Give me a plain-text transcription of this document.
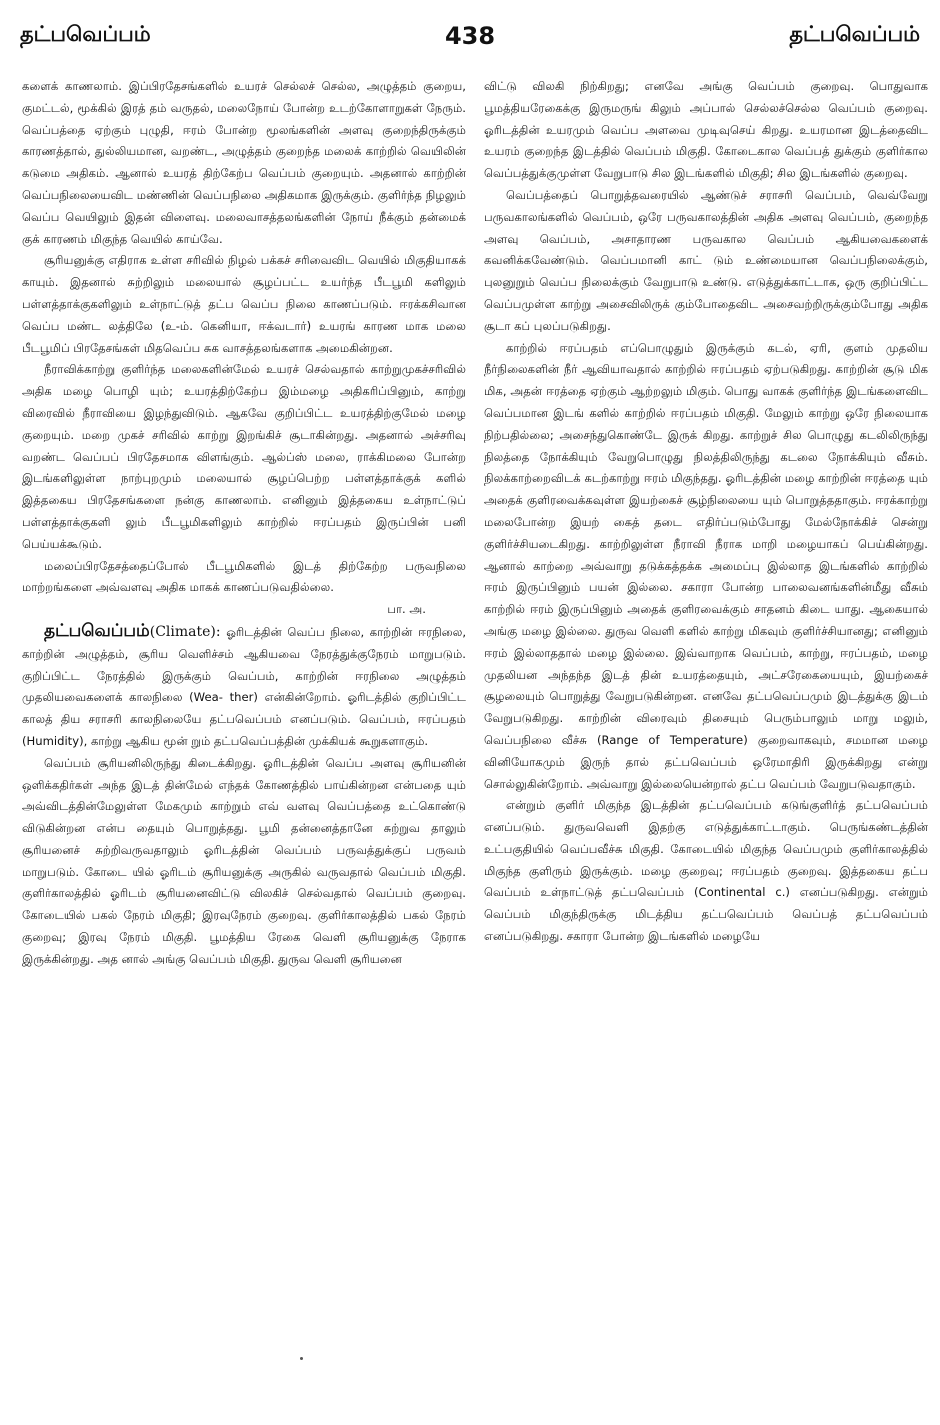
தட்பவெப்பம்	438	தட்பவெப்பம்

களைக் காணலாம். இப்பிரதேசங்களில் உயரச் செல்லச் செல்ல, அழுத்தம் குறைய, குமட்டல், மூக்கில் இரத் தம் வருதல், மலைநோய் போன்ற உடற்கோளாறுகள் நேரும். வெப்பத்தை ஏற்கும் புழுதி, ஈரம் போன்ற மூலங்களின் அளவு குறைந்திருக்கும் காரணத்தால், துல்லியமான, வறண்ட, அழுத்தம் குறைந்த மலைக் காற்றில் வெயிலின் கடுமை அதிகம். ஆனால் உயரத் திற்கேற்ப வெப்பம் குறையும். அதனால் காற்றின் வெப்பநிலையைவிட மண்ணின் வெப்பநிலை அதிகமாக இருக்கும். குளிர்ந்த நிழலும் வெப்ப வெயிலும் இதன் விளைவு. மலைவாசத்தலங்களின் நோய் நீக்கும் தன்மைக் குக் காரணம் மிகுந்த வெயில் காய்வே.

சூரியனுக்கு எதிராக உள்ள சரிவில் நிழல் பக்கச் சரிவைவிட வெயில் மிகுதியாகக் காயும். இதனால் சுற்றிலும் மலையால் சூழப்பட்ட உயர்ந்த பீடபூமி களிலும் பள்ளத்தாக்குகளிலும் உள்நாட்டுத் தட்ப வெப்ப நிலை காணப்படும். ஈரக்கசிவான வெப்ப மண்ட லத்திலே (உ-ம். கெனியா, ஈக்வடார்) உயரங் காரண மாக மலை பீடபூமிப் பிரதேசங்கள் மிதவெப்ப சுக வாசத்தலங்களாக அமைகின்றன.

நீராவிக்காற்று குளிர்ந்த மலைகளின்மேல் உயரச் செல்வதால் காற்றுமுகச்சரிவில் அதிக மழை பொழி யும்; உயரத்திற்கேற்ப இம்மழை அதிகரிப்பினும், காற்று விரைவில் நீராவியை இழந்துவிடும். ஆகவே குறிப்பிட்ட உயரத்திற்குமேல் மழை குறையும். மறை முகச் சரிவில் காற்று இறங்கிச் சூடாகின்றது. அதனால் அச்சரிவு வறண்ட வெப்பப் பிரதேசமாக விளங்கும். ஆல்ப்ஸ் மலை, ராக்கிமலை போன்ற இடங்களிலுள்ள நாற்புறமும் மலையால் சூழப்பெற்ற பள்ளத்தாக்குக் களில் இத்தகைய பிரதேசங்களை நன்கு காணலாம். எனினும் இத்தகைய உள்நாட்டுப் பள்ளத்தாக்குகளி லும் பீடபூமிகளிலும் காற்றில் ஈரப்பதம் இருப்பின் பனி பெய்யக்கூடும்.

மலைப்பிரதேசத்தைப்போல் பீடபூமிகளில் இடத் திற்கேற்ற பருவநிலை மாற்றங்களை அவ்வளவு அதிக மாகக் காணப்படுவதில்லை.
பா. அ.

தட்பவெப்பம்(Climate): ஓரிடத்தின் வெப்ப நிலை, காற்றின் ஈரநிலை, காற்றின் அழுத்தம், சூரிய வெளிச்சம் ஆகியவை நேரத்துக்குநேரம் மாறுபடும். குறிப்பிட்ட நேரத்தில் இருக்கும் வெப்பம், காற்றின் ஈரநிலை அழுத்தம் முதலியவைகளைக் காலநிலை (Wea- ther) என்கின்றோம். ஓரிடத்தில் குறிப்பிட்ட காலத் திய சராசரி காலநிலையே தட்பவெப்பம் எனப்படும். வெப்பம், ஈரப்பதம் (Humidity), காற்று ஆகிய மூன் றும் தட்பவெப்பத்தின் முக்கியக் கூறுகளாகும்.

வெப்பம் சூரியனிலிருந்து கிடைக்கிறது. ஓரிடத்தின் வெப்ப அளவு சூரியனின் ஒளிக்கதிர்கள் அந்த இடத் தின்மேல் எந்தக் கோணத்தில் பாய்கின்றன என்பதை யும் அவ்விடத்தின்மேலுள்ள மேகமும் காற்றும் எவ் வளவு வெப்பத்தை உட்கொண்டு விடுகின்றன என்ப தையும் பொறுத்தது. பூமி தன்னைத்தானே சுற்றுவ தாலும் சூரியனைச் சுற்றிவருவதாலும் ஓரிடத்தின் வெப்பம் பருவத்துக்குப் பருவம் மாறுபடும். கோடை யில் ஓரிடம் சூரியனுக்கு அருகில் வருவதால் வெப்பம் மிகுதி. குளிர்காலத்தில் ஓரிடம் சூரியனைவிட்டு விலகிச் செல்வதால் வெப்பம் குறைவு. கோடையில் பகல் நேரம் மிகுதி; இரவுநேரம் குறைவு. குளிர்காலத்தில் பகல் நேரம் குறைவு; இரவு நேரம் மிகுதி. பூமத்திய ரேகை வெளி சூரியனுக்கு நேராக இருக்கின்றது. அத னால் அங்கு வெப்பம் மிகுதி. துருவ வெளி சூரியனை

விட்டு விலகி நிற்கிறது; எனவே அங்கு வெப்பம் குறைவு. பொதுவாக பூமத்தியரேகைக்கு இருமருங் கிலும் அப்பால் செல்லச்செல்ல வெப்பம் குறைவு. ஓரிடத்தின் உயரமும் வெப்ப அளவை முடிவுசெய் கிறது. உயரமான இடத்தைவிட உயரம் குறைந்த இடத்தில் வெப்பம் மிகுதி. கோடைகால வெப்பத் துக்கும் குளிர்கால வெப்பத்துக்குமுள்ள வேறுபாடு சில இடங்களில் மிகுதி; சில இடங்களில் குறைவு.

வெப்பத்தைப் பொறுத்தவரையில் ஆண்டுச் சராசரி வெப்பம், வெவ்வேறு பருவகாலங்களில் வெப்பம், ஒரே பருவகாலத்தின் அதிக அளவு வெப்பம், குறைந்த அளவு வெப்பம், அசாதாரண பருவகால வெப்பம் ஆகியவைகளைக் கவனிக்கவேண்டும். வெப்பமானி காட் டும் உண்மையான வெப்பநிலைக்கும், புலனுறும் வெப்ப நிலைக்கும் வேறுபாடு உண்டு. எடுத்துக்காட்டாக, ஒரு குறிப்பிட்ட வெப்பமுள்ள காற்று அசைவிலிருக் கும்போதைவிட அசைவற்றிருக்கும்போது அதிக சூடா கப் புலப்படுகிறது.

காற்றில் ஈரப்பதம் எப்பொழுதும் இருக்கும் கடல், ஏரி, குளம் முதலிய நீர்நிலைகளின் நீர் ஆவியாவதால் காற்றில் ஈரப்பதம் ஏற்படுகிறது. காற்றின் சூடு மிக மிக, அதன் ஈரத்தை ஏற்கும் ஆற்றலும் மிகும். பொது வாகக் குளிர்ந்த இடங்களைவிட வெப்பமான இடங் களில் காற்றில் ஈரப்பதம் மிகுதி. மேலும் காற்று ஒரே நிலையாக நிற்பதில்லை; அசைந்துகொண்டே இருக் கிறது. காற்றுச் சில பொழுது கடலிலிருந்து நிலத்தை நோக்கியும் வேறுபொழுது நிலத்திலிருந்து கடலை நோக்கியும் வீசும். நிலக்காற்றைவிடக் கடற்காற்று ஈரம் மிகுந்தது. ஓரிடத்தின் மழை காற்றின் ஈரத்தை யும் அதைக் குளிரவைக்கவுள்ள இயற்கைச் சூழ்நிலையை யும் பொறுத்ததாகும். ஈரக்காற்று மலைபோன்ற இயற் கைத் தடை எதிர்ப்படும்போது மேல்நோக்கிச் சென்று குளிர்ச்சியடைகிறது. காற்றிலுள்ள நீராவி நீராக மாறி மழையாகப் பெய்கின்றது. ஆனால் காற்றை அவ்வாறு தடுக்கத்தக்க அமைப்பு இல்லாத இடங்களில் காற்றில் ஈரம் இருப்பினும் பயன் இல்லை. சகாரா போன்ற பாலைவனங்களின்மீது வீசும் காற்றில் ஈரம் இருப்பினும் அதைக் குளிரவைக்கும் சாதனம் கிடை யாது. ஆகையால் அங்கு மழை இல்லை. துருவ வெளி களில் காற்று மிகவும் குளிர்ச்சியானது; எனினும் ஈரம் இல்லாததால் மழை இல்லை. இவ்வாறாக வெப்பம், காற்று, ஈரப்பதம், மழை முதலியன அந்தந்த இடத் தின் உயரத்தையும், அட்சரேகையையும், இயற்கைச் சூழலையும் பொறுத்து வேறுபடுகின்றன. எனவே தட்பவெப்பமும் இடத்துக்கு இடம் வேறுபடுகிறது. காற்றின் விரைவும் திசையும் பெரும்பாலும் மாறு மலும், வெப்பநிலை வீச்சு (Range of Temperature) குறைவாகவும், சமமான மழை வினியோகமும் இருந் தால் தட்பவெப்பம் ஒரேமாதிரி இருக்கிறது என்று சொல்லுகின்றோம். அவ்வாறு இல்லையென்றால் தட்ப வெப்பம் வேறுபடுவதாகும்.

என்றும் குளிர் மிகுந்த இடத்தின் தட்பவெப்பம் கடுங்குளிர்த் தட்பவெப்பம் எனப்படும். துருவவெளி இதற்கு எடுத்துக்காட்டாகும். பெருங்கண்டத்தின் உட்பகுதியில் வெப்பவீச்சு மிகுதி. கோடையில் மிகுந்த வெப்பமும் குளிர்காலத்தில் மிகுந்த குளிரும் இருக்கும். மழை குறைவு; ஈரப்பதம் குறைவு. இத்தகைய தட்ப வெப்பம் உள்நாட்டுத் தட்பவெப்பம் (Continental c.) எனப்படுகிறது. என்றும் வெப்பம் மிகுந்திருக்கு மிடத்திய தட்பவெப்பம் வெப்பத் தட்பவெப்பம் எனப்படுகிறது. சகாரா போன்ற இடங்களில் மழையே
